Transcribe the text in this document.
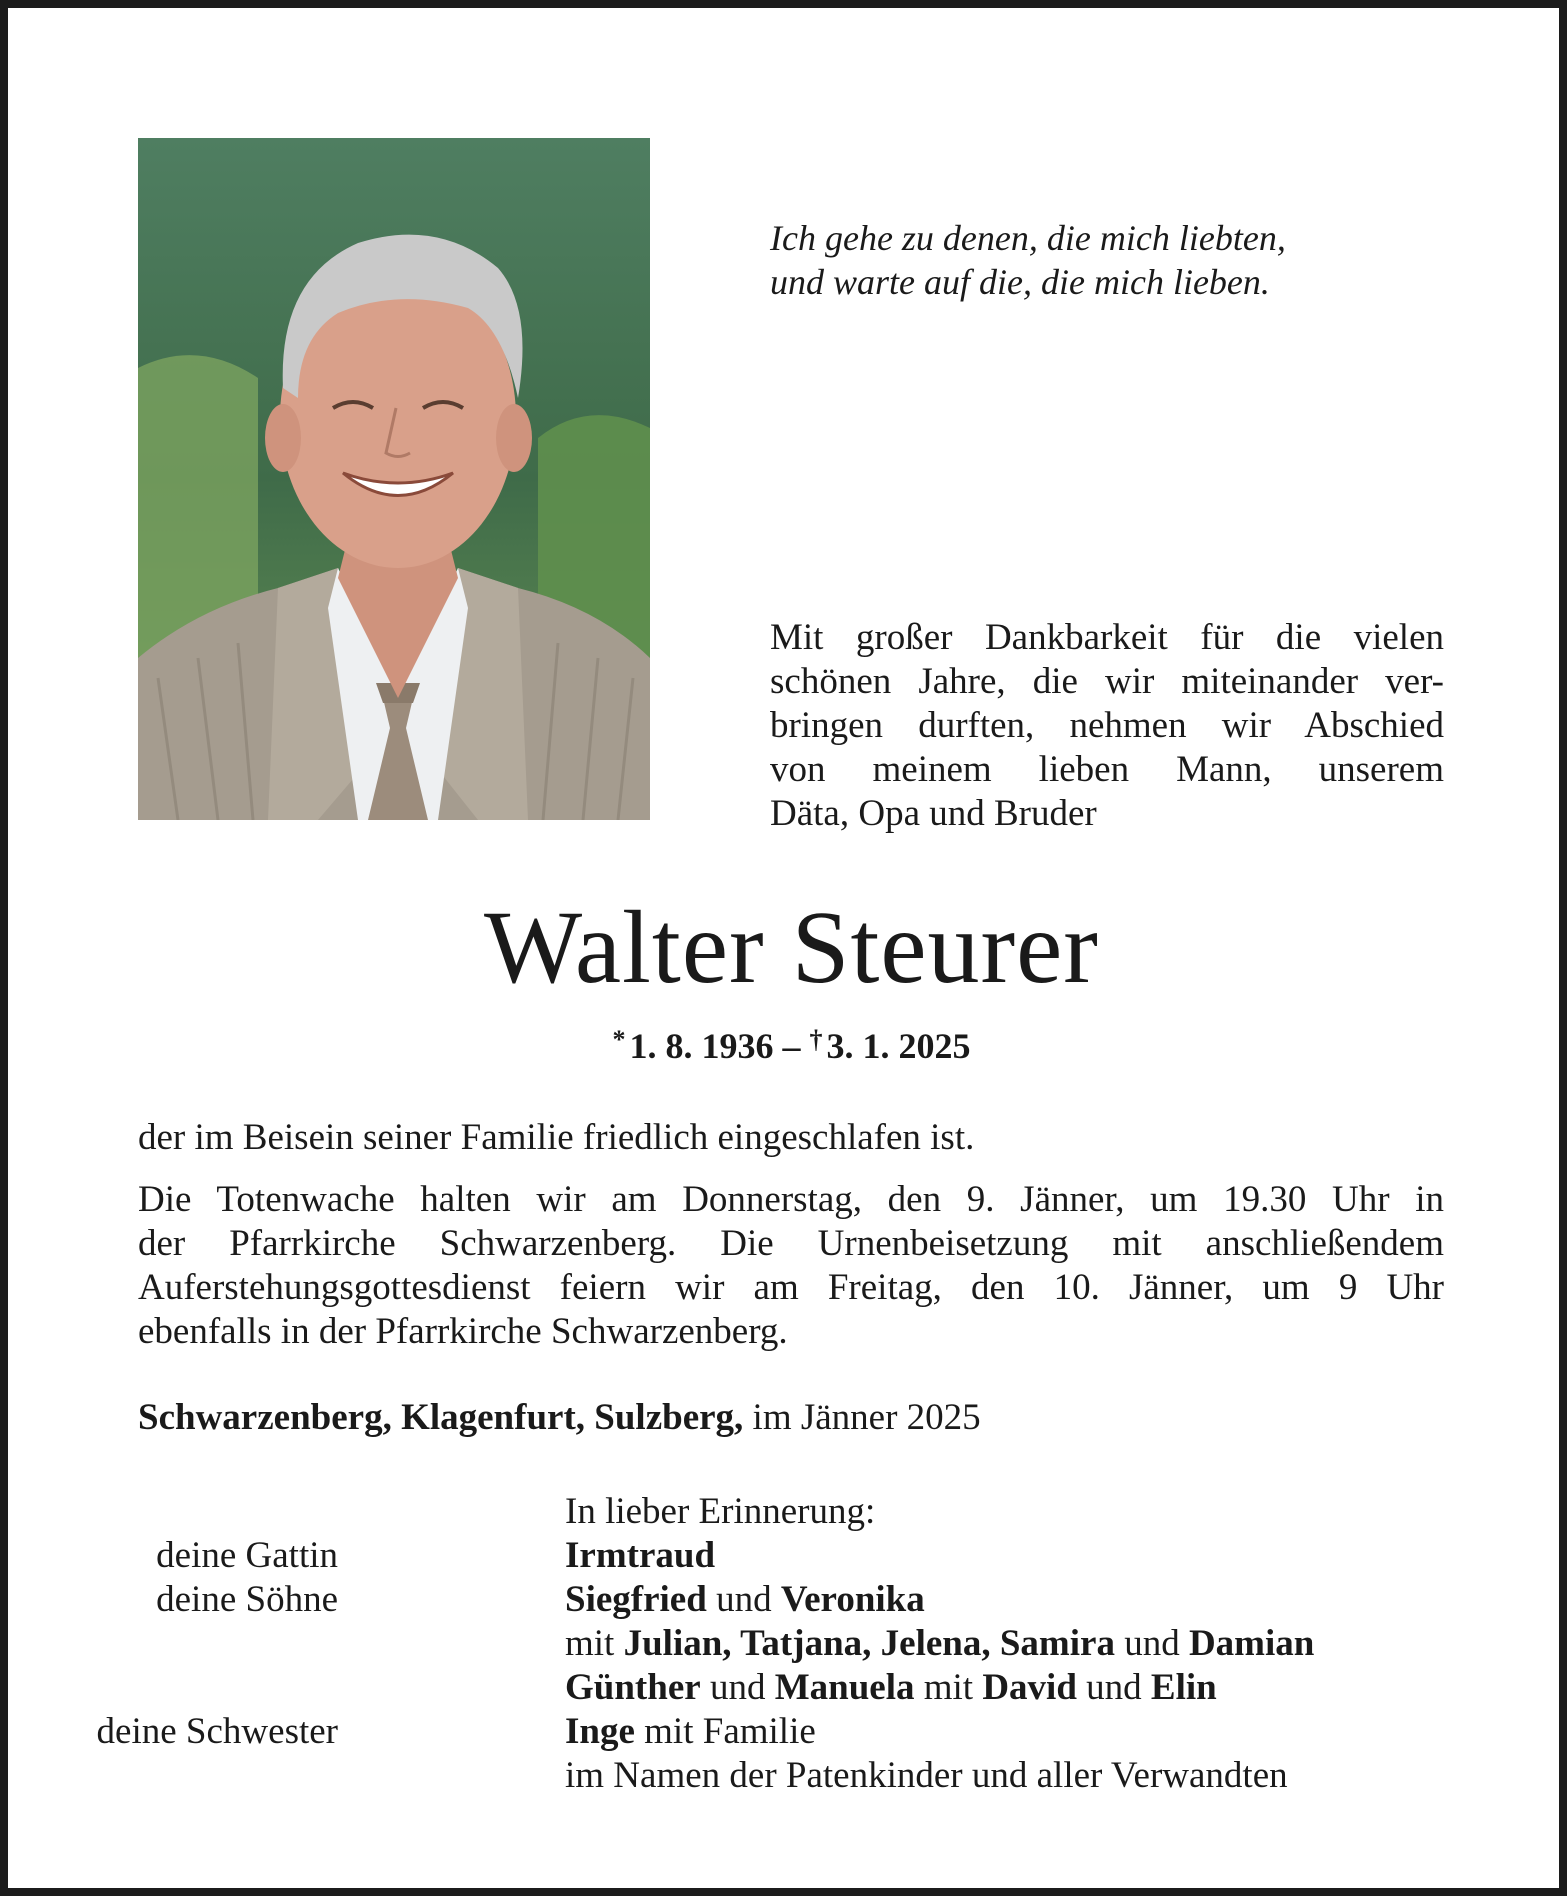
Ich gehe zu denen, die mich liebten,
und warte auf die, die mich lieben.
Mit großer Dankbarkeit für die vielen
schönen Jahre, die wir miteinander ver-
bringen durften, nehmen wir Abschied
von meinem lieben Mann, unserem
Däta, Opa und Bruder
Walter Steurer
* 1. 8. 1936 – † 3. 1. 2025
der im Beisein seiner Familie friedlich eingeschlafen ist.
Die Totenwache halten wir am Donnerstag, den 9. Jänner, um 19.30 Uhr in
der Pfarrkirche Schwarzenberg. Die Urnenbeisetzung mit anschließendem
Auferstehungsgottesdienst feiern wir am Freitag, den 10. Jänner, um 9 Uhr
ebenfalls in der Pfarrkirche Schwarzenberg.
Schwarzenberg, Klagenfurt, Sulzberg, im Jänner 2025
In lieber Erinnerung:
deine Gattin	Irmtraud
deine Söhne	Siegfried und Veronika
mit Julian, Tatjana, Jelena, Samira und Damian
Günther und Manuela mit David und Elin
deine Schwester	Inge mit Familie
im Namen der Patenkinder und aller Verwandten
